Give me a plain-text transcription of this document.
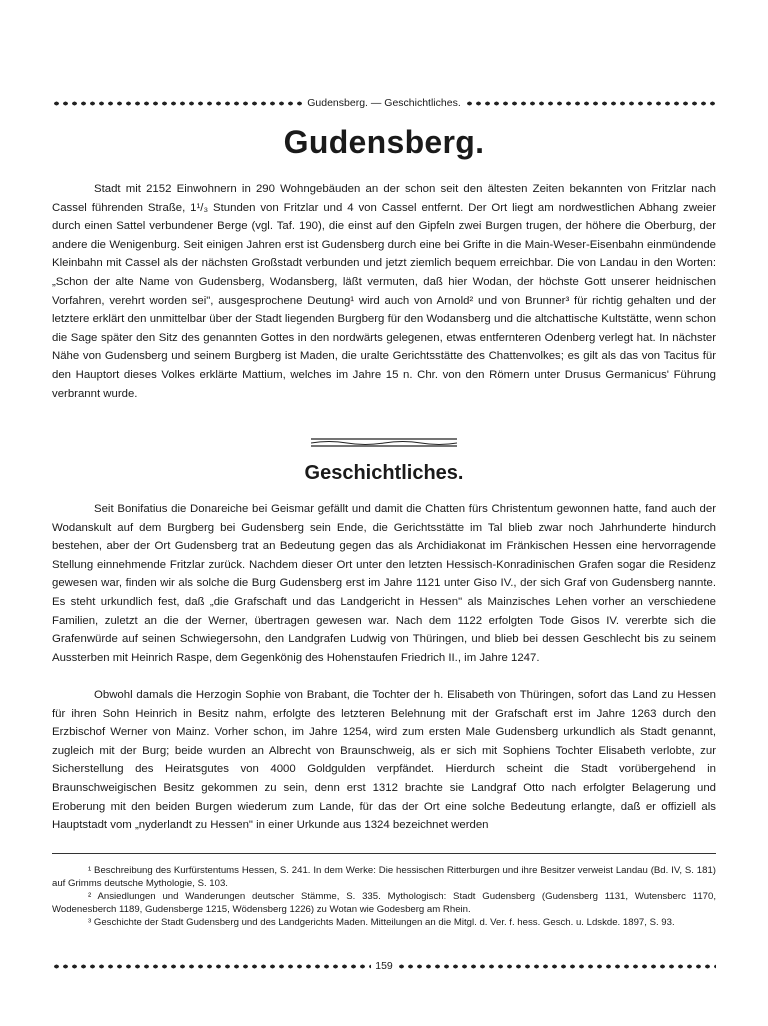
Gudensberg. — Geschichtliches.
Gudensberg.

Stadt mit 2152 Einwohnern in 290 Wohngebäuden an der schon seit den ältesten Zeiten bekannten von Fritzlar nach Cassel führenden Straße, 1¹/₃ Stunden von Fritzlar und 4 von Cassel entfernt. Der Ort liegt am nordwestlichen Abhang zweier durch einen Sattel verbundener Berge (vgl. Taf. 190), die einst auf den Gipfeln zwei Burgen trugen, der höhere die Oberburg, der andere die Wenigenburg. Seit einigen Jahren erst ist Gudensberg durch eine bei Grifte in die Main-Weser-Eisenbahn einmündende Kleinbahn mit Cassel als der nächsten Großstadt verbunden und jetzt ziemlich bequem erreichbar. Die von Landau in den Worten: „Schon der alte Name von Gudensberg, Wodansberg, läßt vermuten, daß hier Wodan, der höchste Gott unserer heidnischen Vorfahren, verehrt worden sei", ausgesprochene Deutung¹ wird auch von Arnold² und von Brunner³ für richtig gehalten und der letztere erklärt den unmittelbar über der Stadt liegenden Burgberg für den Wodansberg und die altchattische Kultstätte, wenn schon die Sage später den Sitz des genannten Gottes in den nordwärts gelegenen, etwas entfernteren Odenberg verlegt hat. In nächster Nähe von Gudensberg und seinem Burgberg ist Maden, die uralte Gerichtsstätte des Chattenvolkes; es gilt als das von Tacitus für den Hauptort dieses Volkes erklärte Mattium, welches im Jahre 15 n. Chr. von den Römern unter Drusus Germanicus' Führung verbrannt wurde.

Geschichtliches.

Seit Bonifatius die Donareiche bei Geismar gefällt und damit die Chatten fürs Christentum gewonnen hatte, fand auch der Wodanskult auf dem Burgberg bei Gudensberg sein Ende, die Gerichtsstätte im Tal blieb zwar noch Jahrhunderte hindurch bestehen, aber der Ort Gudensberg trat an Bedeutung gegen das als Archidiakonat im Fränkischen Hessen eine hervorragende Stellung einnehmende Fritzlar zurück. Nachdem dieser Ort unter den letzten Hessisch-Konradinischen Grafen sogar die Residenz gewesen war, finden wir als solche die Burg Gudensberg erst im Jahre 1121 unter Giso IV., der sich Graf von Gudensberg nannte. Es steht urkundlich fest, daß „die Grafschaft und das Landgericht in Hessen" als Mainzisches Lehen vorher an verschiedene Familien, zuletzt an die der Werner, übertragen gewesen war. Nach dem 1122 erfolgten Tode Gisos IV. vererbte sich die Grafenwürde auf seinen Schwiegersohn, den Landgrafen Ludwig von Thüringen, und blieb bei dessen Geschlecht bis zu seinem Aussterben mit Heinrich Raspe, dem Gegenkönig des Hohenstaufen Friedrich II., im Jahre 1247.

Obwohl damals die Herzogin Sophie von Brabant, die Tochter der h. Elisabeth von Thüringen, sofort das Land zu Hessen für ihren Sohn Heinrich in Besitz nahm, erfolgte des letzteren Belehnung mit der Grafschaft erst im Jahre 1263 durch den Erzbischof Werner von Mainz. Vorher schon, im Jahre 1254, wird zum ersten Male Gudensberg urkundlich als Stadt genannt, zugleich mit der Burg; beide wurden an Albrecht von Braunschweig, als er sich mit Sophiens Tochter Elisabeth verlobte, zur Sicherstellung des Heiratsgutes von 4000 Goldgulden verpfändet. Hierdurch scheint die Stadt vorübergehend in Braunschweigischen Besitz gekommen zu sein, denn erst 1312 brachte sie Landgraf Otto nach erfolgter Belagerung und Eroberung mit den beiden Burgen wiederum zum Lande, für das der Ort eine solche Bedeutung erlangte, daß er offiziell als Hauptstadt vom „nyderlandt zu Hessen" in einer Urkunde aus 1324 bezeichnet werden

¹ Beschreibung des Kurfürstentums Hessen, S. 241. In dem Werke: Die hessischen Ritterburgen und ihre Besitzer verweist Landau (Bd. IV, S. 181) auf Grimms deutsche Mythologie, S. 103.

² Ansiedlungen und Wanderungen deutscher Stämme, S. 335. Mythologisch: Stadt Gudensberg (Gudensberg 1131, Wutensberc 1170, Wodenesberch 1189, Gudensberge 1215, Wödensberg 1226) zu Wotan wie Godesberg am Rhein.

³ Geschichte der Stadt Gudensberg und des Landgerichts Maden. Mitteilungen an die Mitgl. d. Ver. f. hess. Gesch. u. Ldskde. 1897, S. 93.

159
